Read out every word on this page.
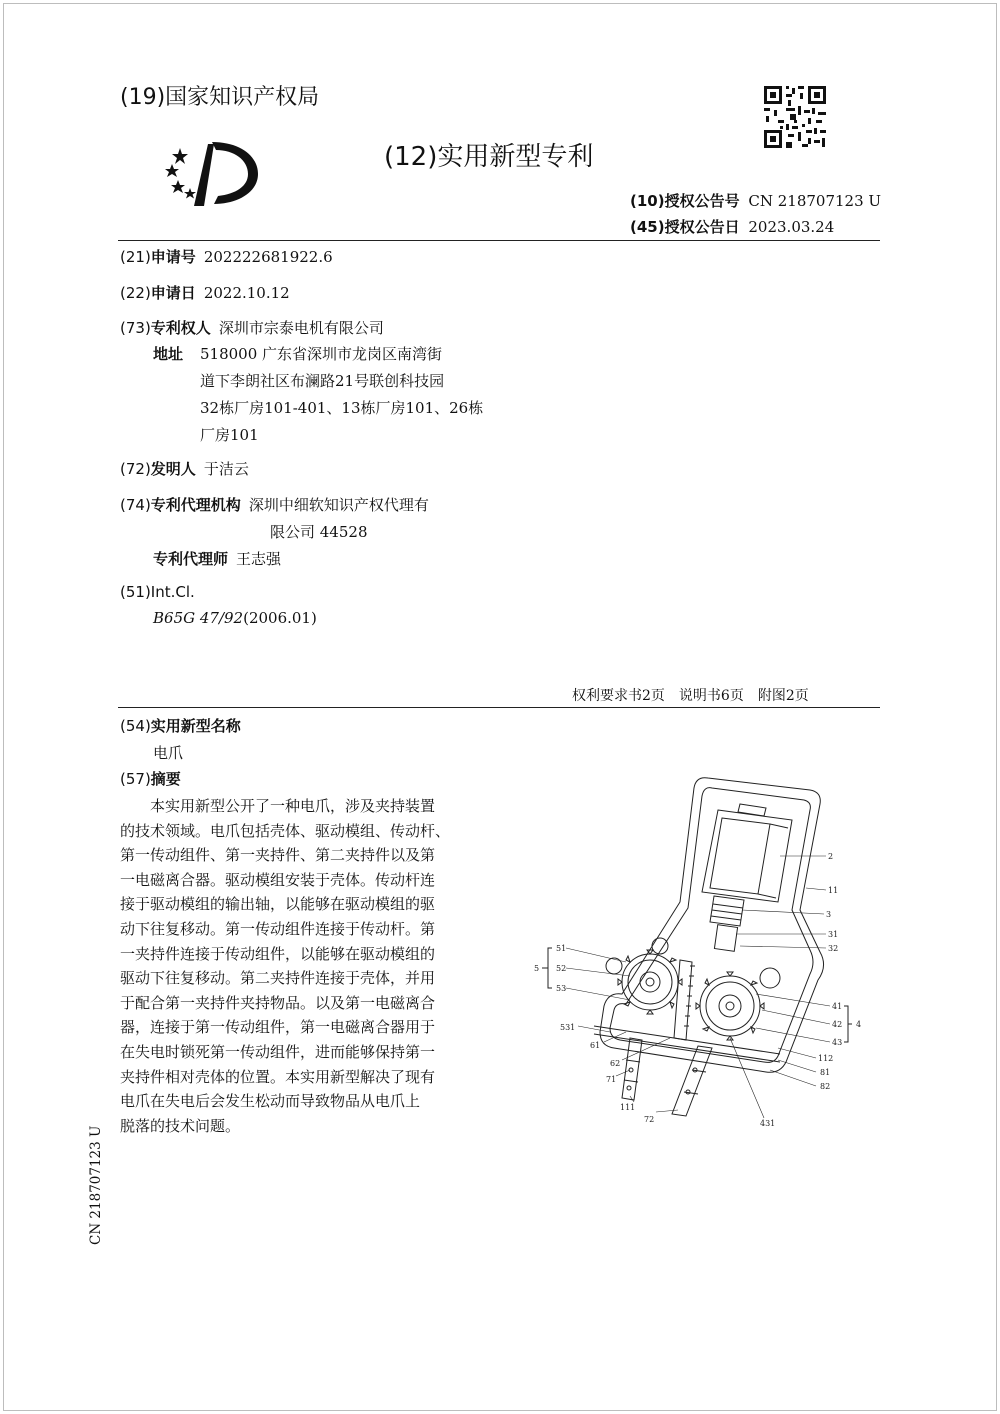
(19)国家知识产权局
(12)实用新型专利
(10)授权公告号 CN 218707123 U
(45)授权公告日 2023.03.24
(21)申请号 202222681922.6
(22)申请日 2022.10.12
(73)专利权人 深圳市宗泰电机有限公司
地址 518000 广东省深圳市龙岗区南湾街
道下李朗社区布澜路21号联创科技园
32栋厂房101-401、13栋厂房101、26栋
厂房101
(72)发明人 于洁云
(74)专利代理机构 深圳中细软知识产权代理有
限公司 44528
专利代理师 王志强
(51)Int.Cl.
B65G 47/92(2006.01)
权利要求书2页　说明书6页　附图2页
(54)实用新型名称
电爪
(57)摘要
本实用新型公开了一种电爪，涉及夹持装置
的技术领域。电爪包括壳体、驱动模组、传动杆、
第一传动组件、第一夹持件、第二夹持件以及第
一电磁离合器。驱动模组安装于壳体。传动杆连
接于驱动模组的输出轴，以能够在驱动模组的驱
动下往复移动。第一传动组件连接于传动杆。第
一夹持件连接于传动组件，以能够在驱动模组的
驱动下往复移动。第二夹持件连接于壳体，并用
于配合第一夹持件夹持物品。以及第一电磁离合
器，连接于第一传动组件，第一电磁离合器用于
在失电时锁死第一传动组件，进而能够保持第一
夹持件相对壳体的位置。本实用新型解决了现有
电爪在失电后会发生松动而导致物品从电爪上
脱落的技术问题。
2
11
3
31
32
51
52
53
5
531
61
62
71
111
72	431
41
42
43
4
112
81
82
CN 218707123 U
